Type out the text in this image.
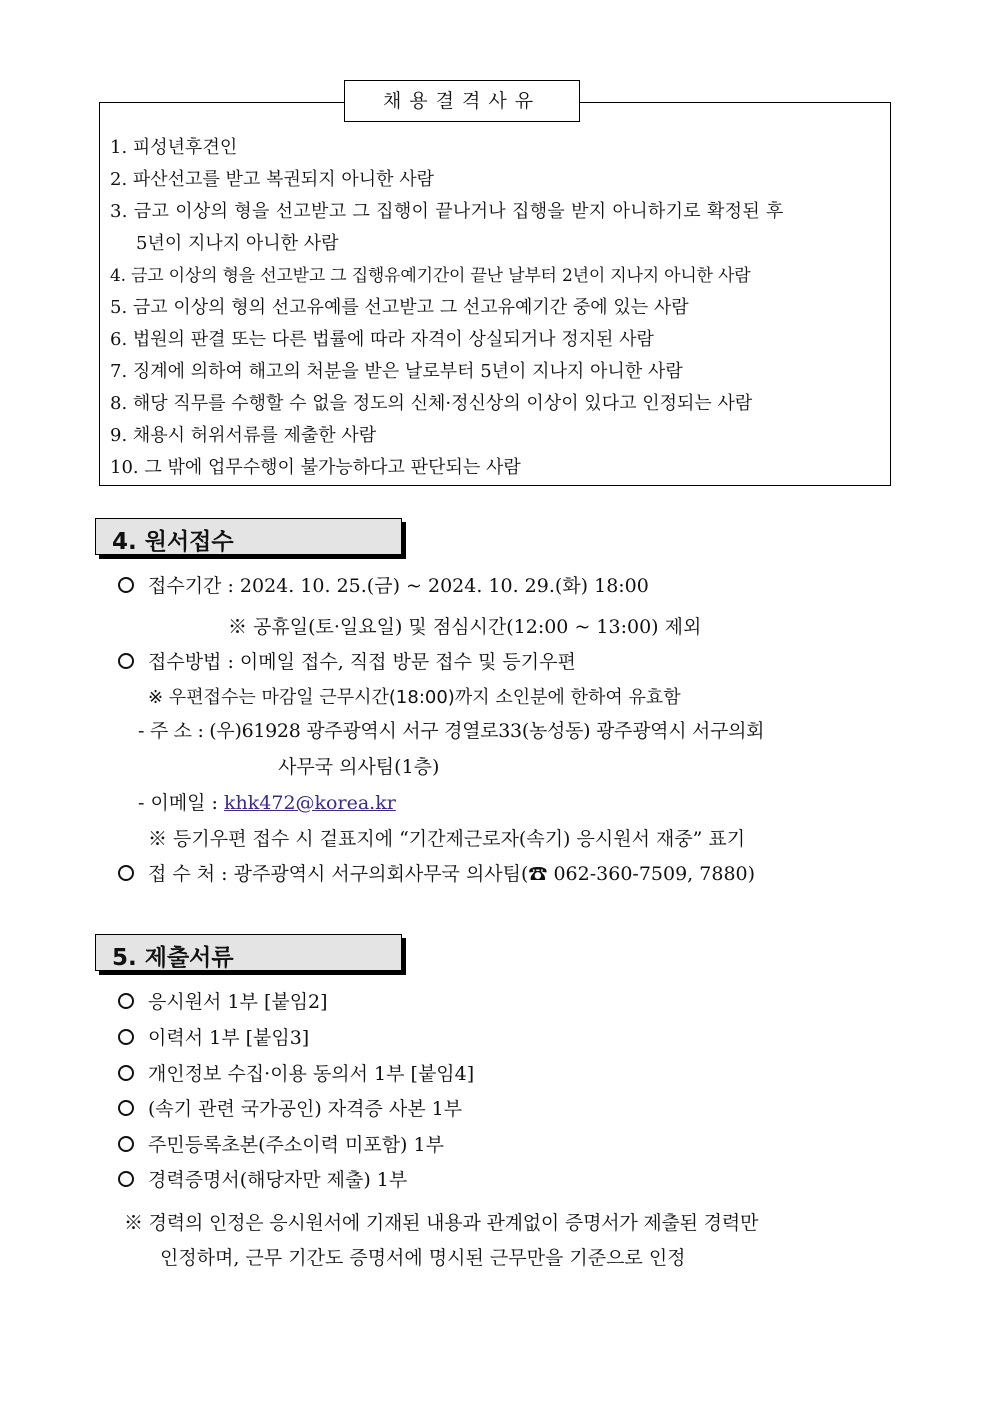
채용결격사유
1. 피성년후견인
2. 파산선고를 받고 복권되지 아니한 사람
3. 금고 이상의 형을 선고받고 그 집행이 끝나거나 집행을 받지 아니하기로 확정된 후
5년이 지나지 아니한 사람
4. 금고 이상의 형을 선고받고 그 집행유예기간이 끝난 날부터 2년이 지나지 아니한 사람
5. 금고 이상의 형의 선고유예를 선고받고 그 선고유예기간 중에 있는 사람
6. 법원의 판결 또는 다른 법률에 따라 자격이 상실되거나 정지된 사람
7. 징계에 의하여 해고의 처분을 받은 날로부터 5년이 지나지 아니한 사람
8. 해당 직무를 수행할 수 없을 정도의 신체·정신상의 이상이 있다고 인정되는 사람
9. 채용시 허위서류를 제출한 사람
10. 그 밖에 업무수행이 불가능하다고 판단되는 사람
4. 원서접수
접수기간 : 2024. 10. 25.(금) ~ 2024. 10. 29.(화) 18:00
※ 공휴일(토·일요일) 및 점심시간(12:00 ~ 13:00) 제외
접수방법 : 이메일 접수, 직접 방문 접수 및 등기우편
※ 우편접수는 마감일 근무시간(18:00)까지 소인분에 한하여 유효함
- 주 소 : (우)61928 광주광역시 서구 경열로33(농성동) 광주광역시 서구의회
사무국 의사팀(1층)
- 이메일 : khk472@korea.kr
※ 등기우편 접수 시 겉표지에 “기간제근로자(속기) 응시원서 재중” 표기
접 수 처 : 광주광역시 서구의회사무국 의사팀(☎ 062-360-7509, 7880)
5. 제출서류
응시원서 1부 [붙임2]
이력서 1부 [붙임3]
개인정보 수집·이용 동의서 1부 [붙임4]
(속기 관련 국가공인) 자격증 사본 1부
주민등록초본(주소이력 미포함) 1부
경력증명서(해당자만 제출) 1부
※ 경력의 인정은 응시원서에 기재된 내용과 관계없이 증명서가 제출된 경력만
인정하며, 근무 기간도 증명서에 명시된 근무만을 기준으로 인정
